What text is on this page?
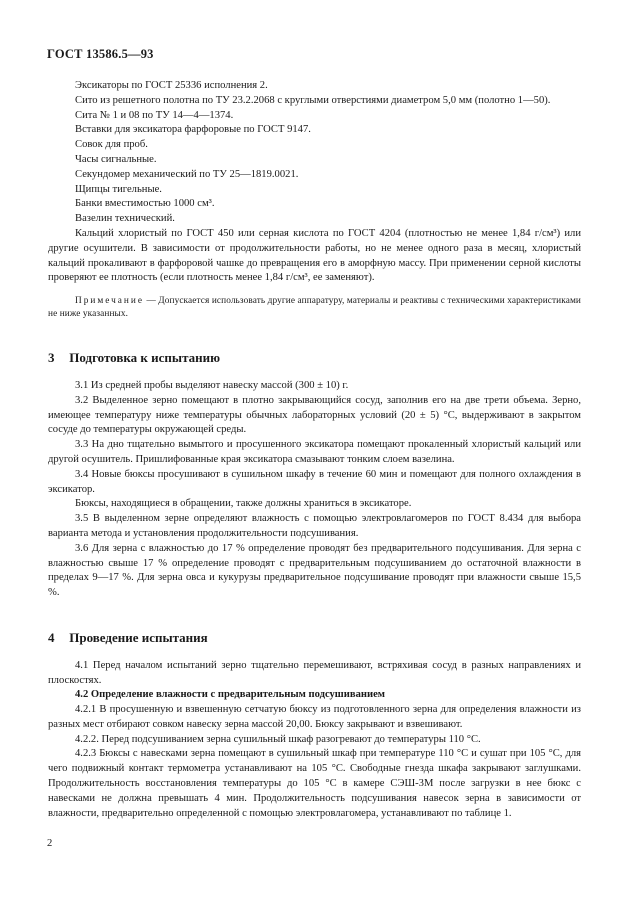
ГОСТ 13586.5—93

Эксикаторы по ГОСТ 25336 исполнения 2.

Сито из решетного полотна по ТУ 23.2.2068 с круглыми отверстиями диаметром 5,0 мм (полотно 1—50).

Сита № 1 и 08 по ТУ 14—4—1374.

Вставки для эксикатора фарфоровые по ГОСТ 9147.

Совок для проб.

Часы сигнальные.

Секундомер механический по ТУ 25—1819.0021.

Щипцы тигельные.

Банки вместимостью 1000 см³.

Вазелин технический.

Кальций хлористый по ГОСТ 450 или серная кислота по ГОСТ 4204 (плотностью не менее 1,84 г/см³) или другие осушители. В зависимости от продолжительности работы, но не менее одного раза в месяц, хлористый кальций прокаливают в фарфоровой чашке до превращения его в аморфную массу. При применении серной кислоты проверяют ее плотность (если плотность менее 1,84 г/см³, ее заменяют).

Примечание — Допускается использовать другие аппаратуру, материалы и реактивы с техническими характеристиками не ниже указанных.

3 Подготовка к испытанию

3.1 Из средней пробы выделяют навеску массой (300 ± 10) г.

3.2 Выделенное зерно помещают в плотно закрывающийся сосуд, заполнив его на две трети объема. Зерно, имеющее температуру ниже температуры обычных лабораторных условий (20 ± 5) °С, выдерживают в закрытом сосуде до температуры окружающей среды.

3.3 На дно тщательно вымытого и просушенного эксикатора помещают прокаленный хлористый кальций или другой осушитель. Пришлифованные края эксикатора смазывают тонким слоем вазелина.

3.4 Новые бюксы просушивают в сушильном шкафу в течение 60 мин и помещают для полного охлаждения в эксикатор.

Бюксы, находящиеся в обращении, также должны храниться в эксикаторе.

3.5 В выделенном зерне определяют влажность с помощью электровлагомеров по ГОСТ 8.434 для выбора варианта метода и установления продолжительности подсушивания.

3.6 Для зерна с влажностью до 17 % определение проводят без предварительного подсушивания. Для зерна с влажностью свыше 17 % определение проводят с предварительным подсушиванием до остаточной влажности в пределах 9—17 %. Для зерна овса и кукурузы предварительное подсушивание проводят при влажности свыше 15,5 %.

4 Проведение испытания

4.1 Перед началом испытаний зерно тщательно перемешивают, встряхивая сосуд в разных направлениях и плоскостях.

4.2 Определение влажности с предварительным подсушиванием

4.2.1 В просушенную и взвешенную сетчатую бюксу из подготовленного зерна для определения влажности из разных мест отбирают совком навеску зерна массой 20,00. Бюксу закрывают и взвешивают.

4.2.2. Перед подсушиванием зерна сушильный шкаф разогревают до температуры 110 °С.

4.2.3 Бюксы с навесками зерна помещают в сушильный шкаф при температуре 110 °С и сушат при 105 °С, для чего подвижный контакт термометра устанавливают на 105 °С. Свободные гнезда шкафа закрывают заглушками. Продолжительность восстановления температуры до 105 °С в камере СЭШ-3М после загрузки в нее бюкс с навесками не должна превышать 4 мин. Продолжительность подсушивания навесок зерна в зависимости от влажности, предварительно определенной с помощью электровлагомера, устанавливают по таблице 1.

2
